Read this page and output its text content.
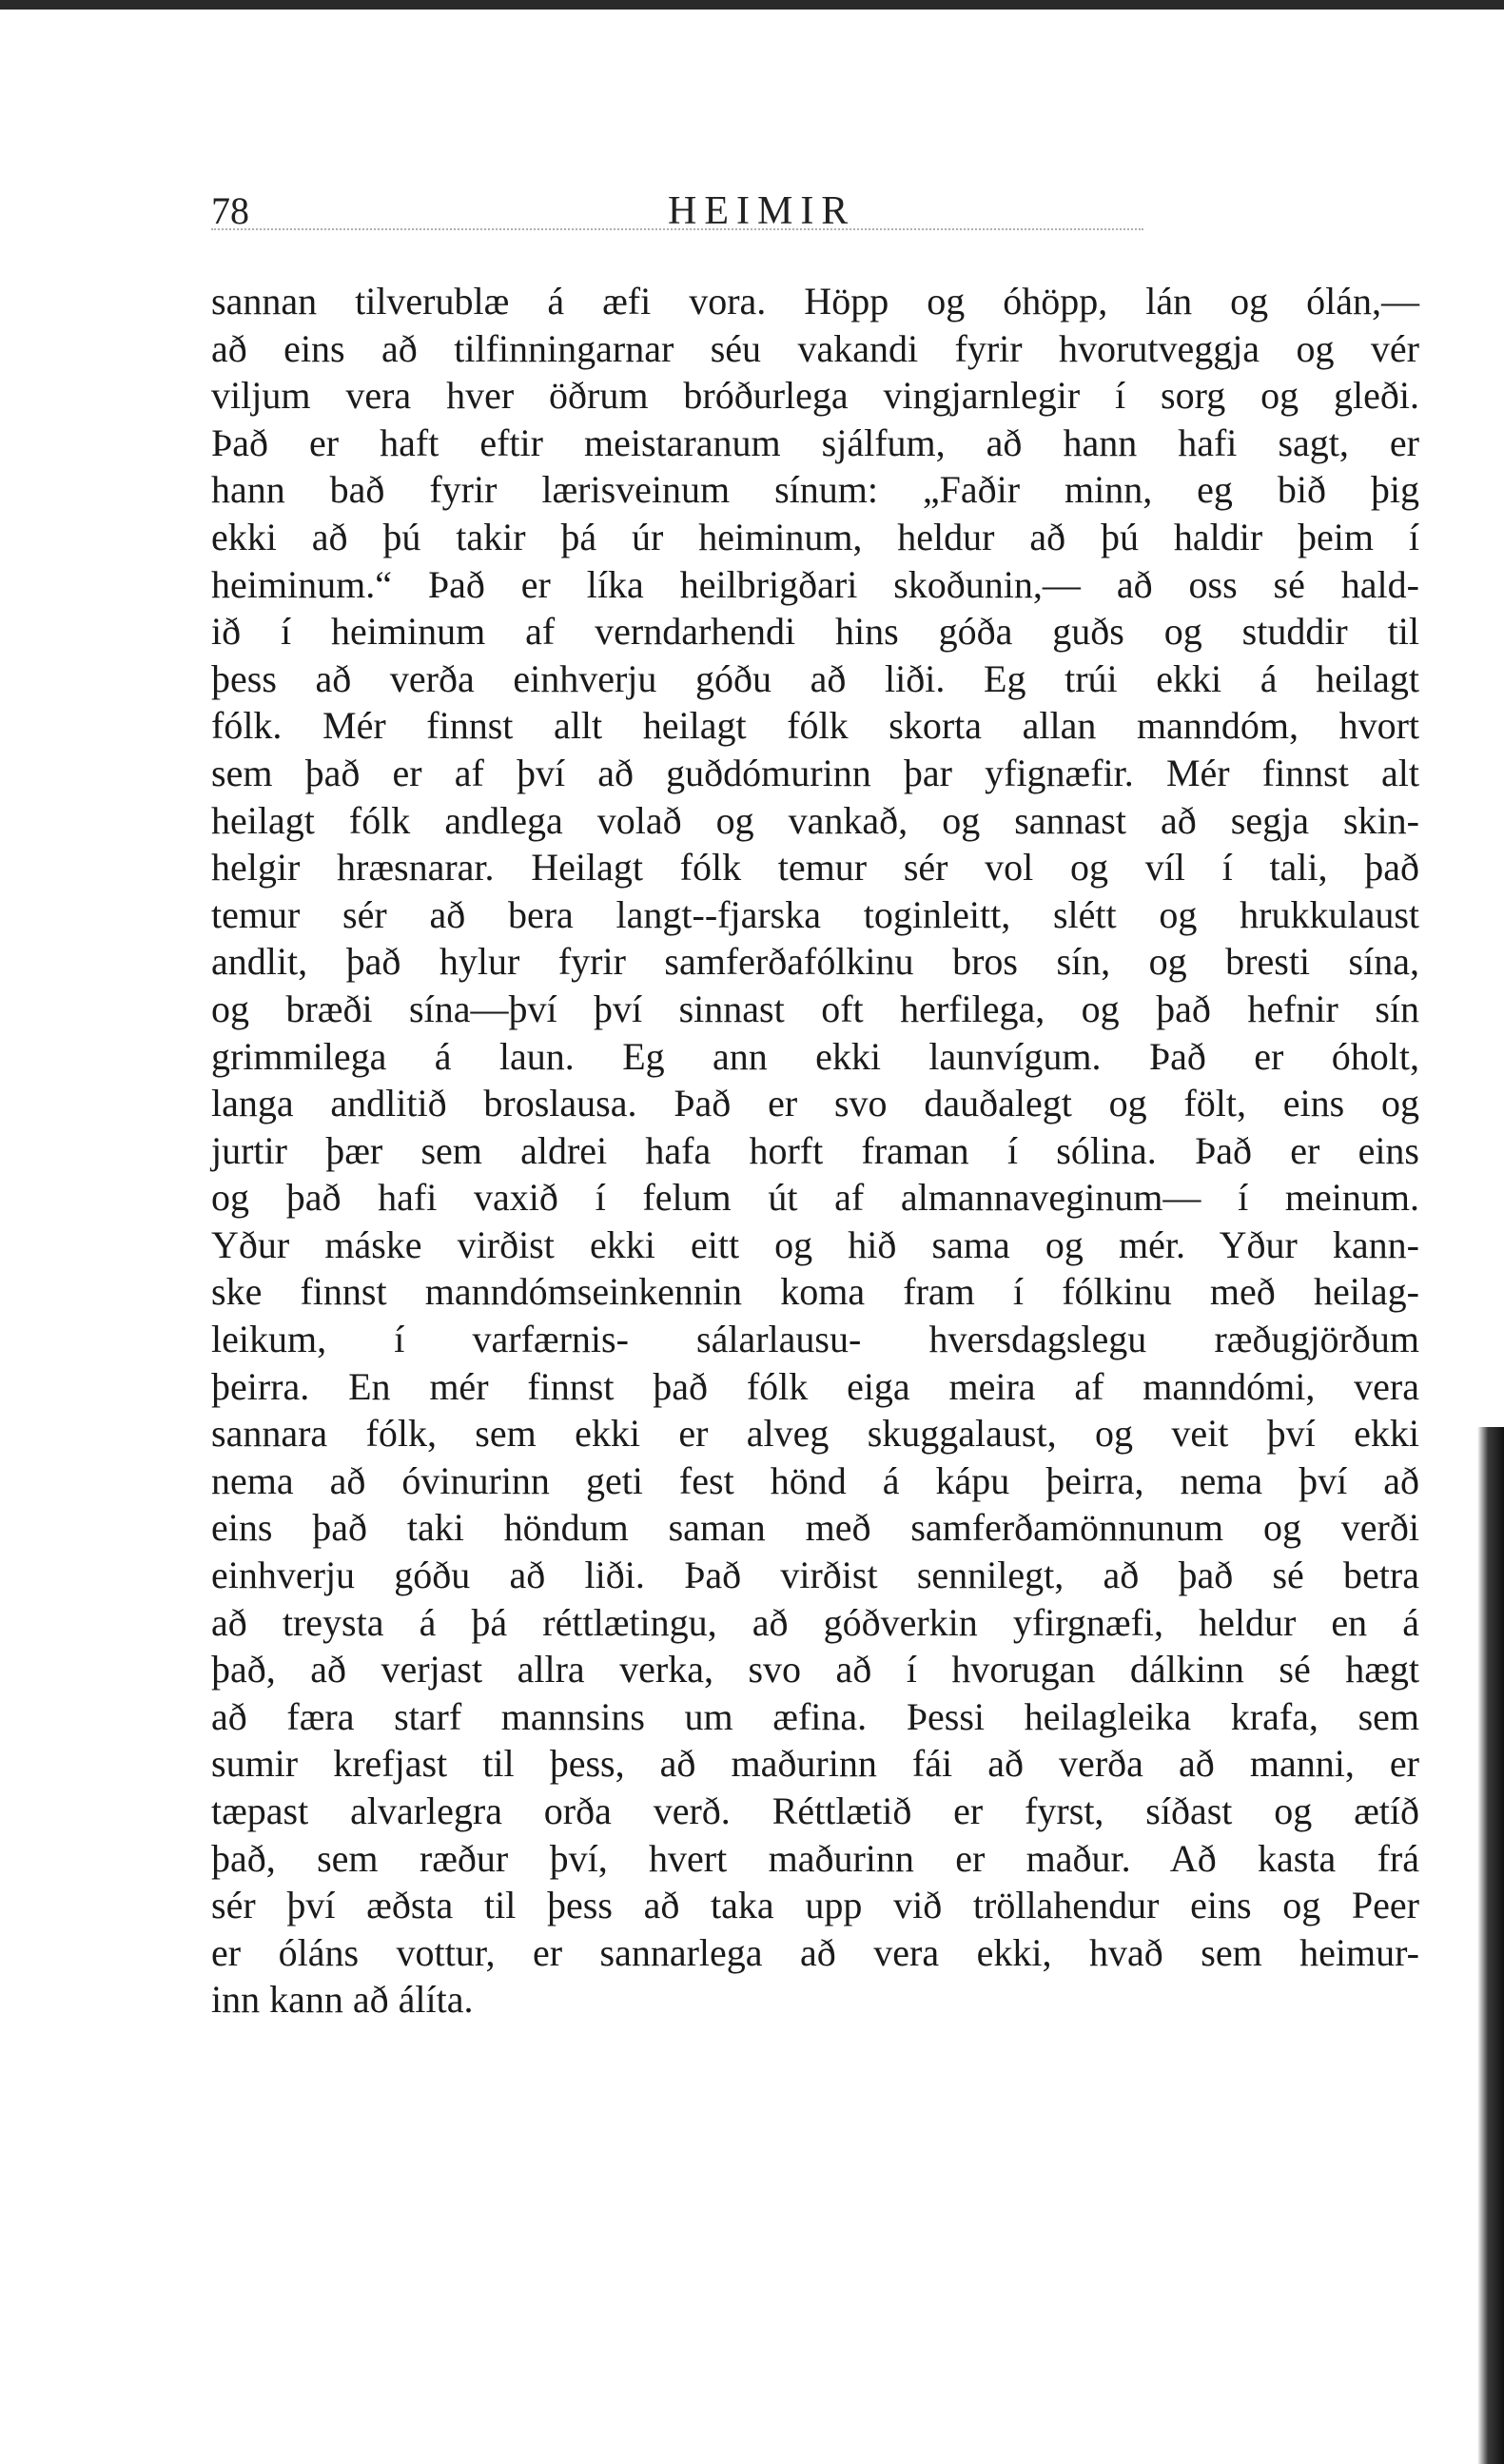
78	HEIMIR
sannan tilverublæ á æfi vora. Höpp og óhöpp, lán og ólán,—
að eins að tilfinningarnar séu vakandi fyrir hvorutveggja og vér
viljum vera hver öðrum bróðurlega vingjarnlegir í sorg og gleði.
Það er haft eftir meistaranum sjálfum, að hann hafi sagt, er
hann bað fyrir lærisveinum sínum: „Faðir minn, eg bið þig
ekki að þú takir þá úr heiminum, heldur að þú haldir þeim í
heiminum.“ Það er líka heilbrigðari skoðunin,— að oss sé hald-
ið í heiminum af verndarhendi hins góða guðs og studdir til
þess að verða einhverju góðu að liði. Eg trúi ekki á heilagt
fólk. Mér finnst allt heilagt fólk skorta allan manndóm, hvort
sem það er af því að guðdómurinn þar yfignæfir. Mér finnst alt
heilagt fólk andlega volað og vankað, og sannast að segja skin-
helgir hræsnarar. Heilagt fólk temur sér vol og víl í tali, það
temur sér að bera langt--fjarska toginleitt, slétt og hrukkulaust
andlit, það hylur fyrir samferðafólkinu bros sín, og bresti sína,
og bræði sína—því því sinnast oft herfilega, og það hefnir sín
grimmilega á laun. Eg ann ekki launvígum. Það er óholt,
langa andlitið broslausa. Það er svo dauðalegt og fölt, eins og
jurtir þær sem aldrei hafa horft framan í sólina. Það er eins
og það hafi vaxið í felum út af almannaveginum— í meinum.
Yður máske virðist ekki eitt og hið sama og mér. Yður kann-
ske finnst manndómseinkennin koma fram í fólkinu með heilag-
leikum, í varfærnis- sálarlausu- hversdagslegu ræðugjörðum
þeirra. En mér finnst það fólk eiga meira af manndómi, vera
sannara fólk, sem ekki er alveg skuggalaust, og veit því ekki
nema að óvinurinn geti fest hönd á kápu þeirra, nema því að
eins það taki höndum saman með samferðamönnunum og verði
einhverju góðu að liði. Það virðist sennilegt, að það sé betra
að treysta á þá réttlætingu, að góðverkin yfirgnæfi, heldur en á
það, að verjast allra verka, svo að í hvorugan dálkinn sé hægt
að færa starf mannsins um æfina. Þessi heilagleika krafa, sem
sumir krefjast til þess, að maðurinn fái að verða að manni, er
tæpast alvarlegra orða verð. Réttlætið er fyrst, síðast og ætíð
það, sem ræður því, hvert maðurinn er maður. Að kasta frá
sér því æðsta til þess að taka upp við tröllahendur eins og Peer
er óláns vottur, er sannarlega að vera ekki, hvað sem heimur-
inn kann að álíta.
